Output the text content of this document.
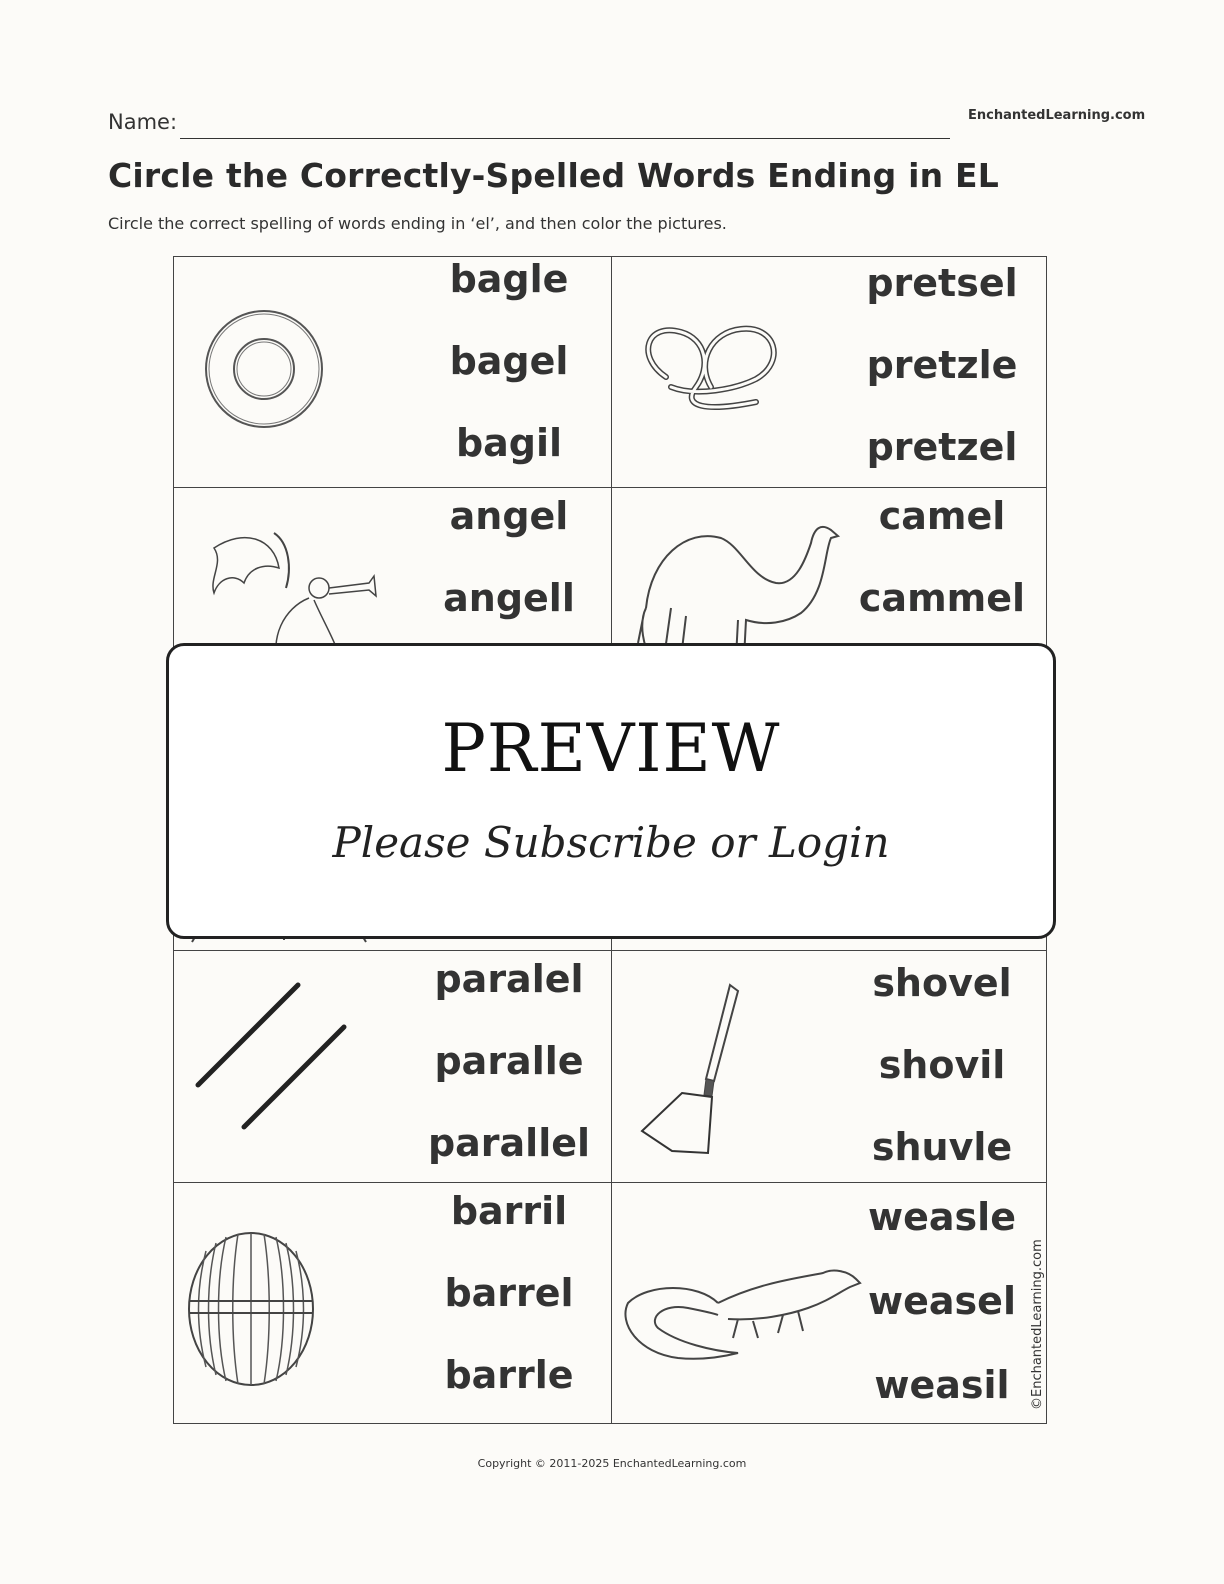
Name:	EnchantedLearning.com
Circle the Correctly-Spelled Words Ending in EL
Circle the correct spelling of words ending in ‘el’, and then color the pictures.
bagle
bagel
bagil
pretsel
pretzle
pretzel
angel
angell
camel
cammel
paralel
paralle
parallel
shovel
shovil
shuvle
barril
barrel
barrle
weasle
weasel
weasil	©EnchantedLearning.com
PREVIEW
Please Subscribe or Login
Copyright © 2011-2025 EnchantedLearning.com
